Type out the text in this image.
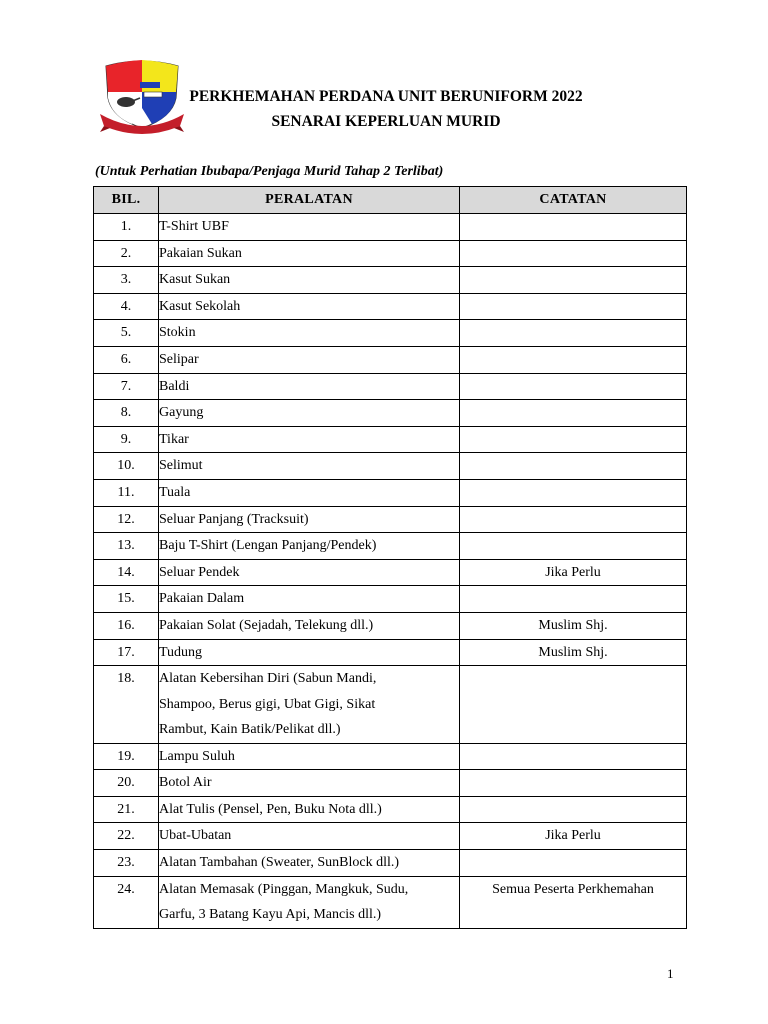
PERKHEMAHAN PERDANA UNIT BERUNIFORM 2022
SENARAI KEPERLUAN MURID
(Untuk Perhatian Ibubapa/Penjaga Murid Tahap 2 Terlibat)
BIL.	PERALATAN	CATATAN
1.	T-Shirt UBF	
2.	Pakaian Sukan	
3.	Kasut Sukan	
4.	Kasut Sekolah	
5.	Stokin	
6.	Selipar	
7.	Baldi	
8.	Gayung	
9.	Tikar	
10.	Selimut	
11.	Tuala	
12.	Seluar Panjang (Tracksuit)	
13.	Baju T-Shirt (Lengan Panjang/Pendek)	
14.	Seluar Pendek	Jika Perlu
15.	Pakaian Dalam	
16.	Pakaian Solat (Sejadah, Telekung dll.)	Muslim Shj.
17.	Tudung	Muslim Shj.
18.	Alatan Kebersihan Diri (Sabun Mandi,
Shampoo, Berus gigi, Ubat Gigi, Sikat
Rambut, Kain Batik/Pelikat dll.)	

19.	Lampu Suluh	
20.	Botol Air	
21.	Alat Tulis (Pensel, Pen, Buku Nota dll.)	
22.	Ubat-Ubatan	Jika Perlu
23.	Alatan Tambahan (Sweater, SunBlock dll.)	
24.	Alatan Memasak (Pinggan, Mangkuk, Sudu,
Garfu, 3 Batang Kayu Api, Mancis dll.)	Semua Peserta Perkhemahan
1
